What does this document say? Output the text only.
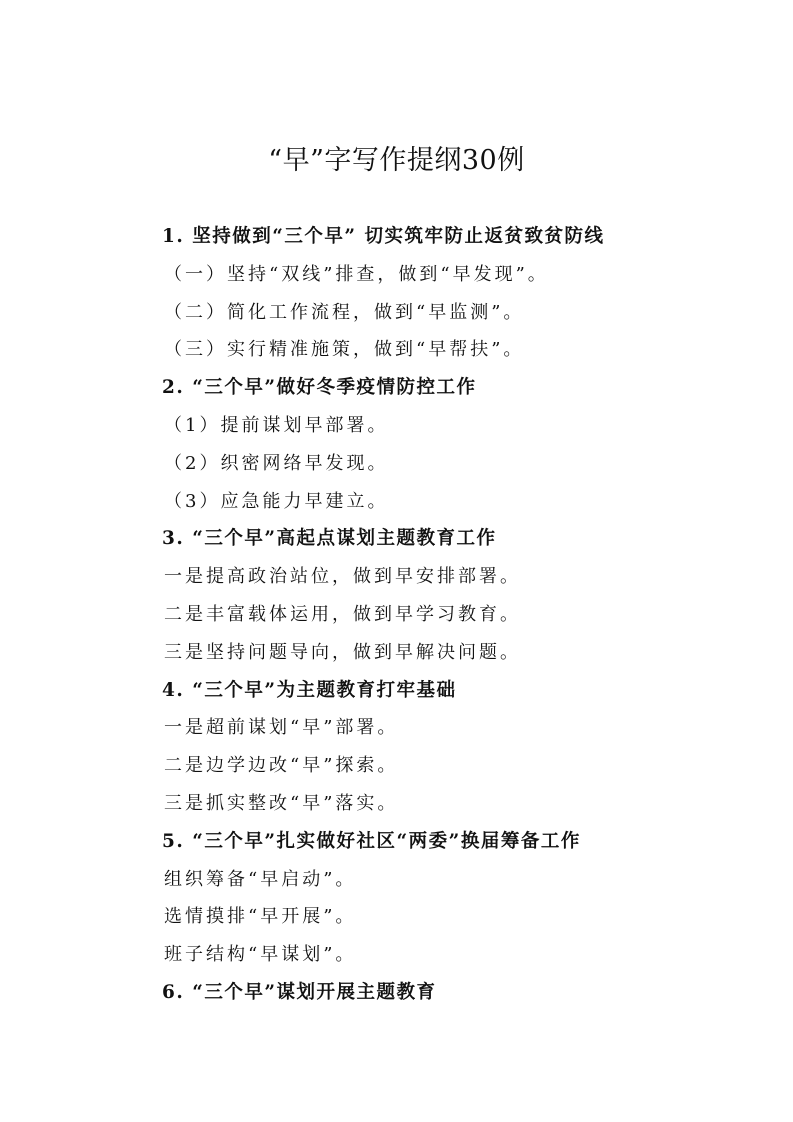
“早”字写作提纲30例
1. 坚持做到“三个早” 切实筑牢防止返贫致贫防线
（一）坚持“双线”排查，做到“早发现”。
（二）简化工作流程，做到“早监测”。
（三）实行精准施策，做到“早帮扶”。
2. “三个早”做好冬季疫情防控工作
（1）提前谋划早部署。
（2）织密网络早发现。
（3）应急能力早建立。
3. “三个早”高起点谋划主题教育工作
一是提高政治站位，做到早安排部署。
二是丰富载体运用，做到早学习教育。
三是坚持问题导向，做到早解决问题。
4. “三个早”为主题教育打牢基础
一是超前谋划“早”部署。
二是边学边改“早”探索。
三是抓实整改“早”落实。
5. “三个早”扎实做好社区“两委”换届筹备工作
组织筹备“早启动”。
选情摸排“早开展”。
班子结构“早谋划”。
6. “三个早”谋划开展主题教育
